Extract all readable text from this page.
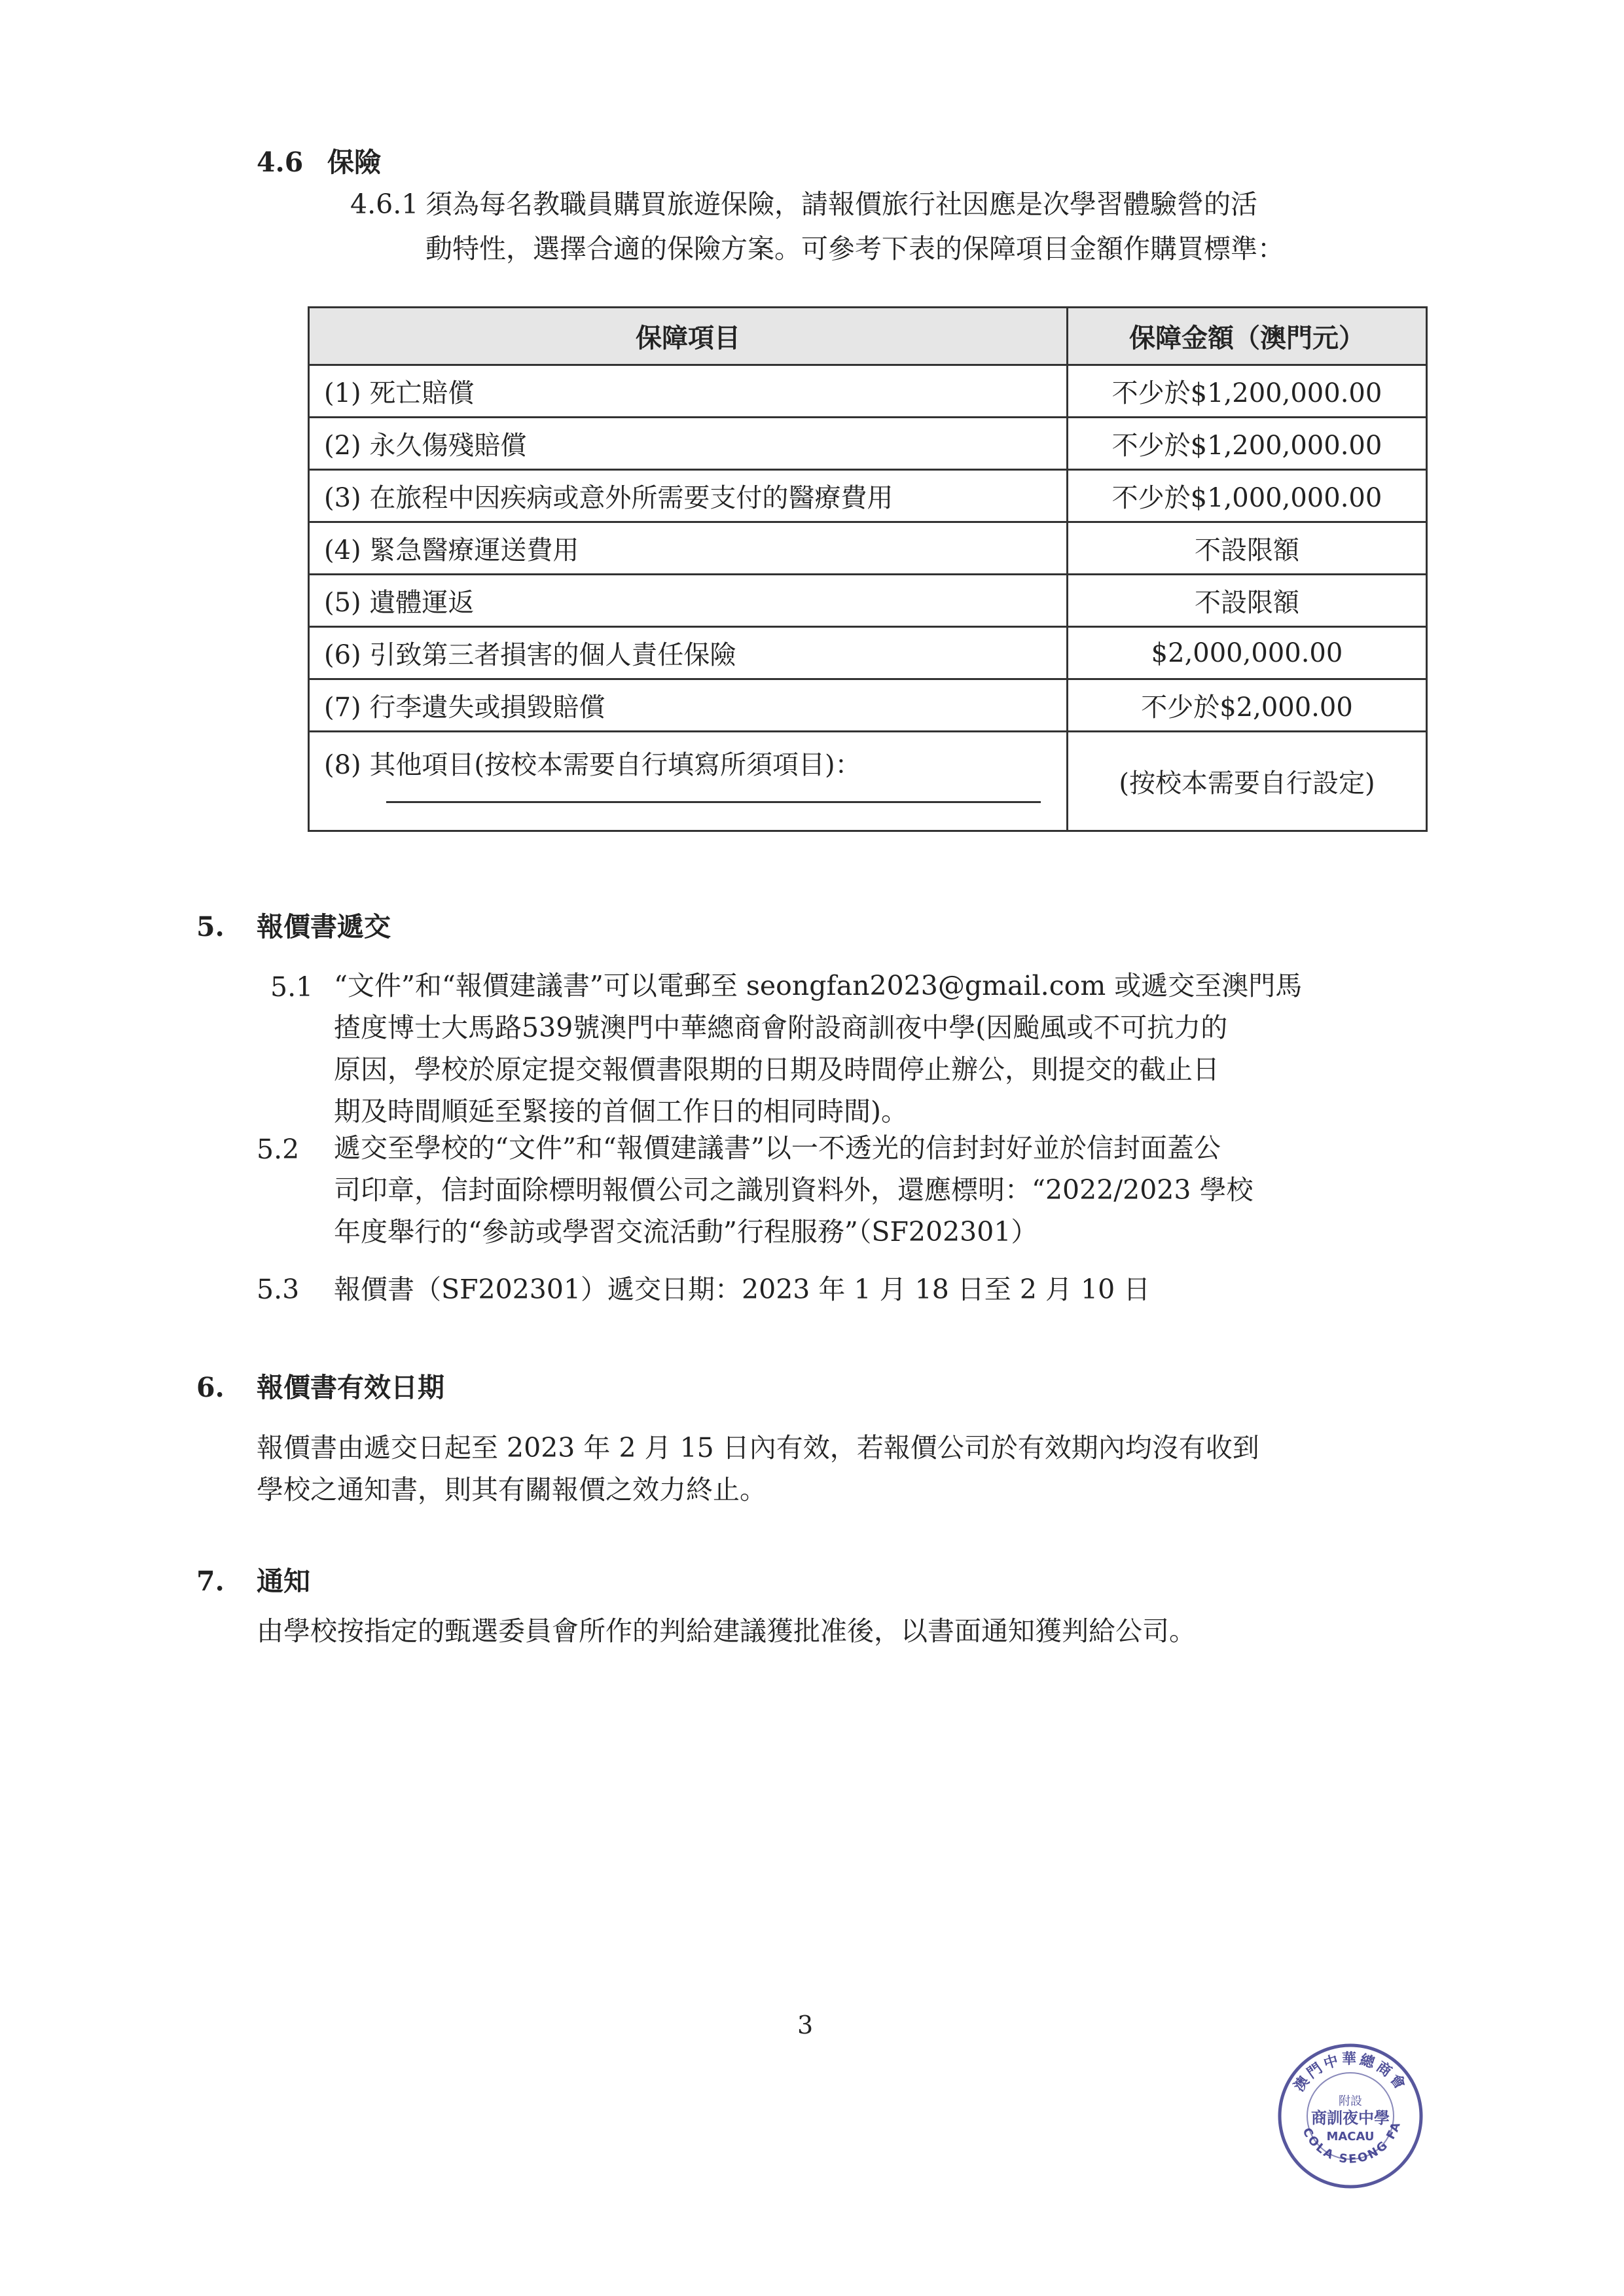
4.6 保險
4.6.1 須為每名教職員購買旅遊保險，請報價旅行社因應是次學習體驗營的活
動特性，選擇合適的保險方案。可參考下表的保障項目金額作購買標準：
保障項目	保障金額（澳門元）
(1) 死亡賠償	不少於$1,200,000.00
(2) 永久傷殘賠償	不少於$1,200,000.00
(3) 在旅程中因疾病或意外所需要支付的醫療費用	不少於$1,000,000.00
(4) 緊急醫療運送費用	不設限額
(5) 遺體運返	不設限額
(6) 引致第三者損害的個人責任保險	$2,000,000.00
(7) 行李遺失或損毀賠償	不少於$2,000.00
(8) 其他項目(按校本需要自行填寫所須項目)：	(按校本需要自行設定)
5. 報價書遞交
5.1 “文件”和“報價建議書”可以電郵至 seongfan2023@gmail.com 或遞交至澳門馬
揸度博士大馬路539號澳門中華總商會附設商訓夜中學(因颱風或不可抗力的
原因，學校於原定提交報價書限期的日期及時間停止辦公，則提交的截止日
期及時間順延至緊接的首個工作日的相同時間)。
5.2 遞交至學校的“文件”和“報價建議書”以一不透光的信封封好並於信封面蓋公
司印章，信封面除標明報價公司之識別資料外，還應標明：“2022/2023 學校
年度舉行的“參訪或學習交流活動”行程服務”（SF202301）
5.3 報價書（SF202301）遞交日期：2023 年 1 月 18 日至 2 月 10 日
6. 報價書有效日期
報價書由遞交日起至 2023 年 2 月 15 日內有效，若報價公司於有效期內均沒有收到
學校之通知書，則其有關報價之效力終止。
7. 通知
由學校按指定的甄選委員會所作的判給建議獲批准後，以書面通知獲判給公司。
3
澳門中華總商會
COLA SEONG FA
附設
商訓夜中學
MACAU
